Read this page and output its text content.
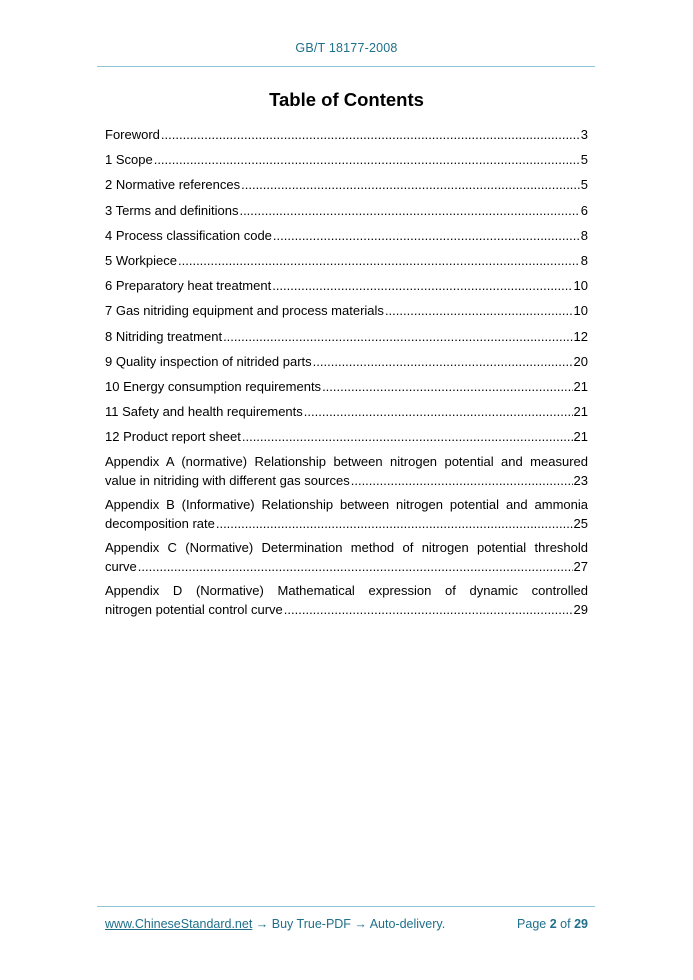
GB/T 18177-2008
Table of Contents
Foreword .....	3
1 Scope .....	5
2 Normative references .....	5
3 Terms and definitions .....	6
4 Process classification code .....	8
5 Workpiece .....	8
6 Preparatory heat treatment .....	10
7 Gas nitriding equipment and process materials .....	10
8 Nitriding treatment .....	12
9 Quality inspection of nitrided parts .....	20
10 Energy consumption requirements .....	21
11 Safety and health requirements .....	21
12 Product report sheet .....	21
Appendix A (normative) Relationship between nitrogen potential and measured
value in nitriding with different gas sources .....	23
Appendix B (Informative) Relationship between nitrogen potential and ammonia
decomposition rate .....	25
Appendix C (Normative) Determination method of nitrogen potential threshold
curve .....	27
Appendix D (Normative) Mathematical expression of dynamic controlled
nitrogen potential control curve .....	29
www.ChineseStandard.net → Buy True-PDF → Auto-delivery.	Page 2 of 29
